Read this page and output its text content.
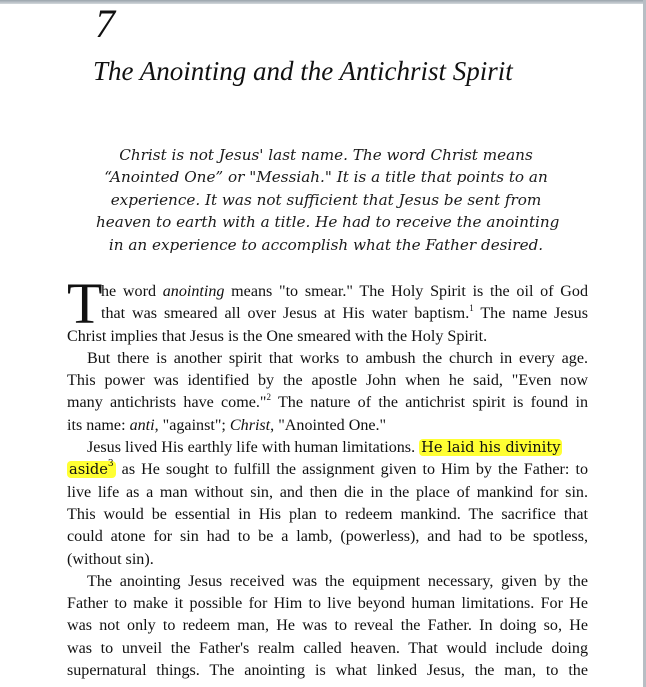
7
The Anointing and the Antichrist Spirit
Christ is not Jesus' last name. The word Christ means
“Anointed One” or "Messiah." It is a title that points to an
experience. It was not sufficient that Jesus be sent from
heaven to earth with a title. He had to receive the anointing
in an experience to accomplish what the Father desired.
T
he word anointing means "to smear." The Holy Spirit is the oil of God
that was smeared all over Jesus at His water baptism.$^1$ The name Jesus
Christ implies that Jesus is the One smeared with the Holy Spirit.
But there is another spirit that works to ambush the church in every age.
This power was identified by the apostle John when he said, "Even now
many antichrists have come."$^2$ The nature of the antichrist spirit is found in
its name: anti, "against"; Christ, "Anointed One."
Jesus lived His earthly life with human limitations. He laid his divinity
aside$^3$ as He sought to fulfill the assignment given to Him by the Father: to
live life as a man without sin, and then die in the place of mankind for sin.
This would be essential in His plan to redeem mankind. The sacrifice that
could atone for sin had to be a lamb, (powerless), and had to be spotless,
(without sin).
The anointing Jesus received was the equipment necessary, given by the
Father to make it possible for Him to live beyond human limitations. For He
was not only to redeem man, He was to reveal the Father. In doing so, He
was to unveil the Father's realm called heaven. That would include doing
supernatural things. The anointing is what linked Jesus, the man, to the
